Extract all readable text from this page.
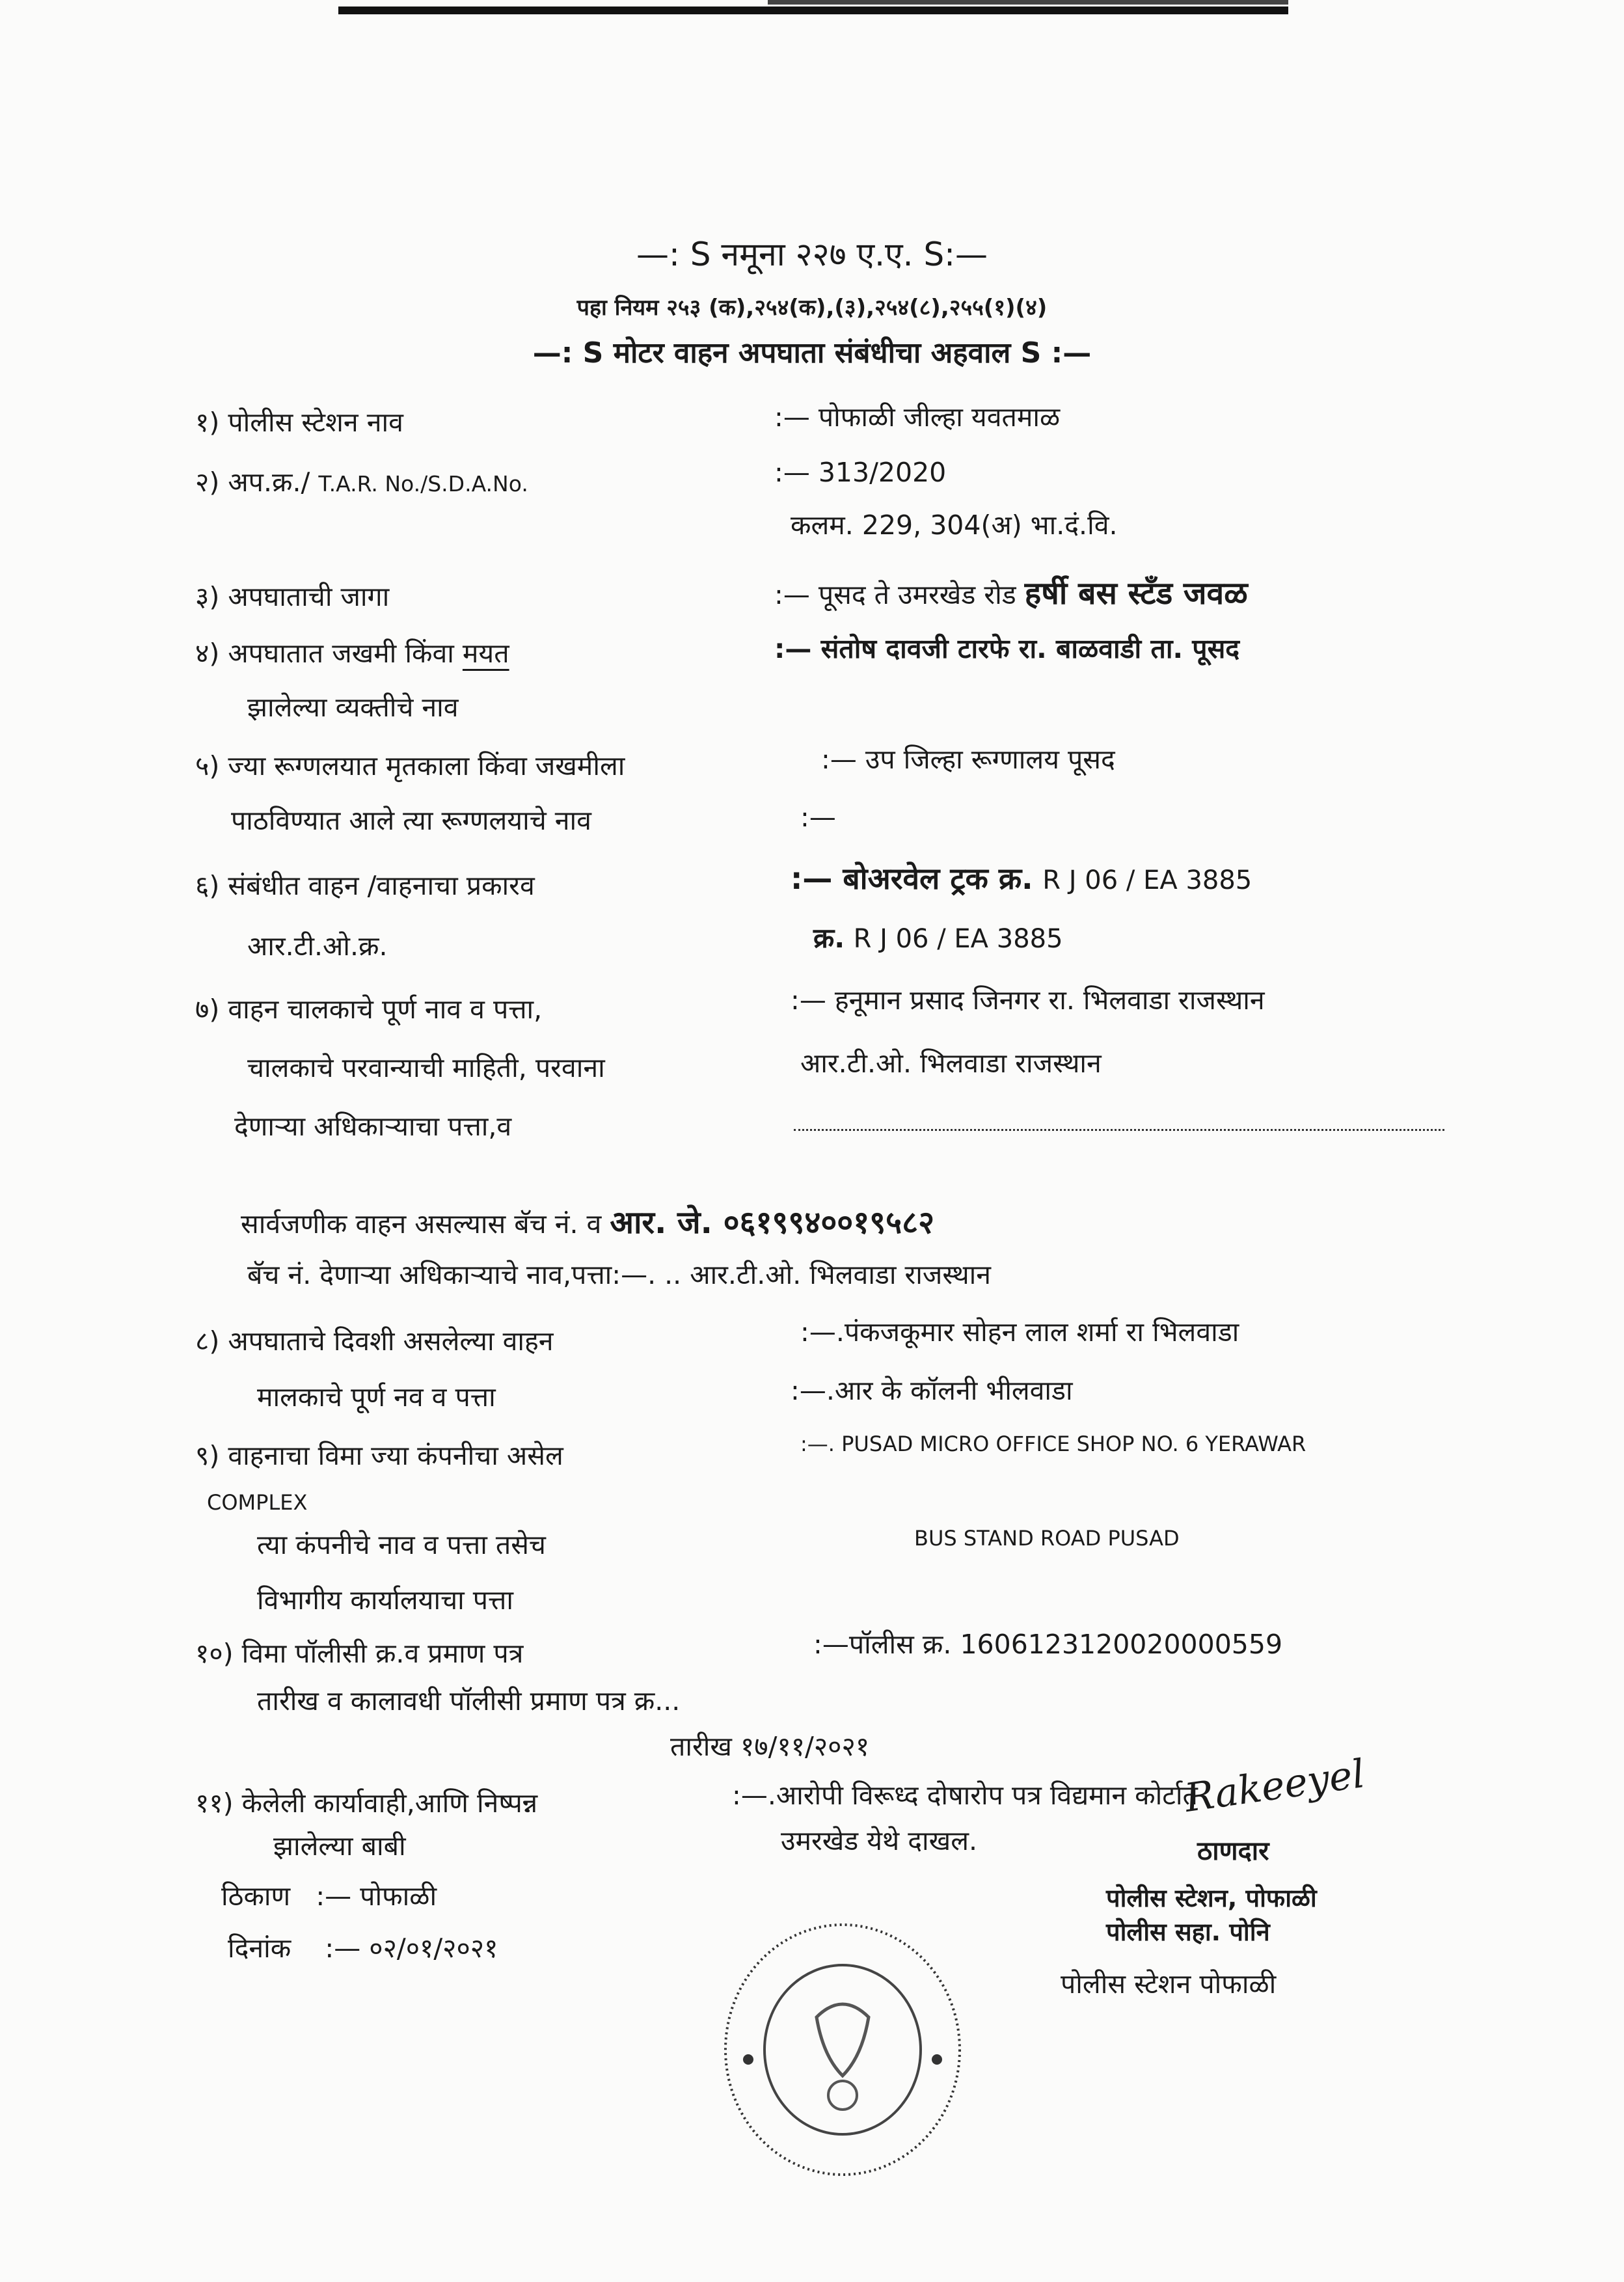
—: S नमूना २२७ ए.ए. S:—
पहा नियम २५३ (क),२५४(क),(३),२५४(८),२५५(१)(४)
—: S मोटर वाहन अपघाता संबंधीचा अहवाल S :—
१) पोलीस स्टेशन नाव	:— पोफाळी जील्हा यवतमाळ
२) अप.क्र./ T.A.R. No./S.D.A.No.	:— 313/2020
कलम. 229, 304(अ) भा.दं.वि.
३) अपघाताची जागा	:— पूसद ते उमरखेड रोड हर्षी बस स्टँड जवळ
४) अपघातात जखमी किंवा मयत	:— संतोष दावजी टारफे रा. बाळवाडी ता. पूसद
झालेल्या व्यक्तीचे नाव
५) ज्या रूग्णलयात मृतकाला किंवा जखमीला	:— उप जिल्हा रूग्णालय पूसद
पाठविण्यात आले त्या रूग्णलयाचे नाव	:—
६) संबंधीत वाहन /वाहनाचा प्रकारव	:— बोअरवेल ट्रक क्र. R J 06 / EA 3885
आर.टी.ओ.क्र.	क्र. R J 06 / EA 3885
७) वाहन चालकाचे पूर्ण नाव व पत्ता,	:— हनूमान प्रसाद जिनगर रा. भिलवाडा राजस्थान
चालकाचे परवान्याची माहिती, परवाना	आर.टी.ओ. भिलवाडा राजस्थान
देणाऱ्या अधिकाऱ्याचा पत्ता,व
सार्वजणीक वाहन असल्यास बॅच नं. व आर. जे. ०६१९९४००१९५८२
बॅच नं. देणाऱ्या अधिकाऱ्याचे नाव,पत्ता:—. .. आर.टी.ओ. भिलवाडा राजस्थान
८) अपघाताचे दिवशी असलेल्या वाहन	:—.पंकजकूमार सोहन लाल शर्मा रा भिलवाडा
मालकाचे पूर्ण नव व पत्ता	:—.आर के कॉलनी भीलवाडा
९) वाहनाचा विमा ज्या कंपनीचा असेल	:—. PUSAD MICRO OFFICE SHOP NO. 6 YERAWAR
COMPLEX
त्या कंपनीचे नाव व पत्ता तसेच	BUS STAND ROAD PUSAD
विभागीय कार्यालयाचा पत्ता
१०) विमा पॉलीसी क्र.व प्रमाण पत्र	:—पॉलीस क्र. 1606123120020000559
तारीख व कालावधी पॉलीसी प्रमाण पत्र क्र...
तारीख १७/११/२०२१
११) केलेली कार्यावाही,आणि निष्पन्न	:—.आरोपी विरूध्द दोषारोप पत्र विद्यमान कोर्टात
झालेल्या बाबी	उमरखेड येथे दाखल.
ठिकाण :— पोफाळी
दिनांक :— ०२/०१/२०२१
Rakeeyel
ठाणदार
पोलीस स्टेशन, पोफाळी
पोलीस सहा. पोनि
पोलीस स्टेशन पोफाळी
